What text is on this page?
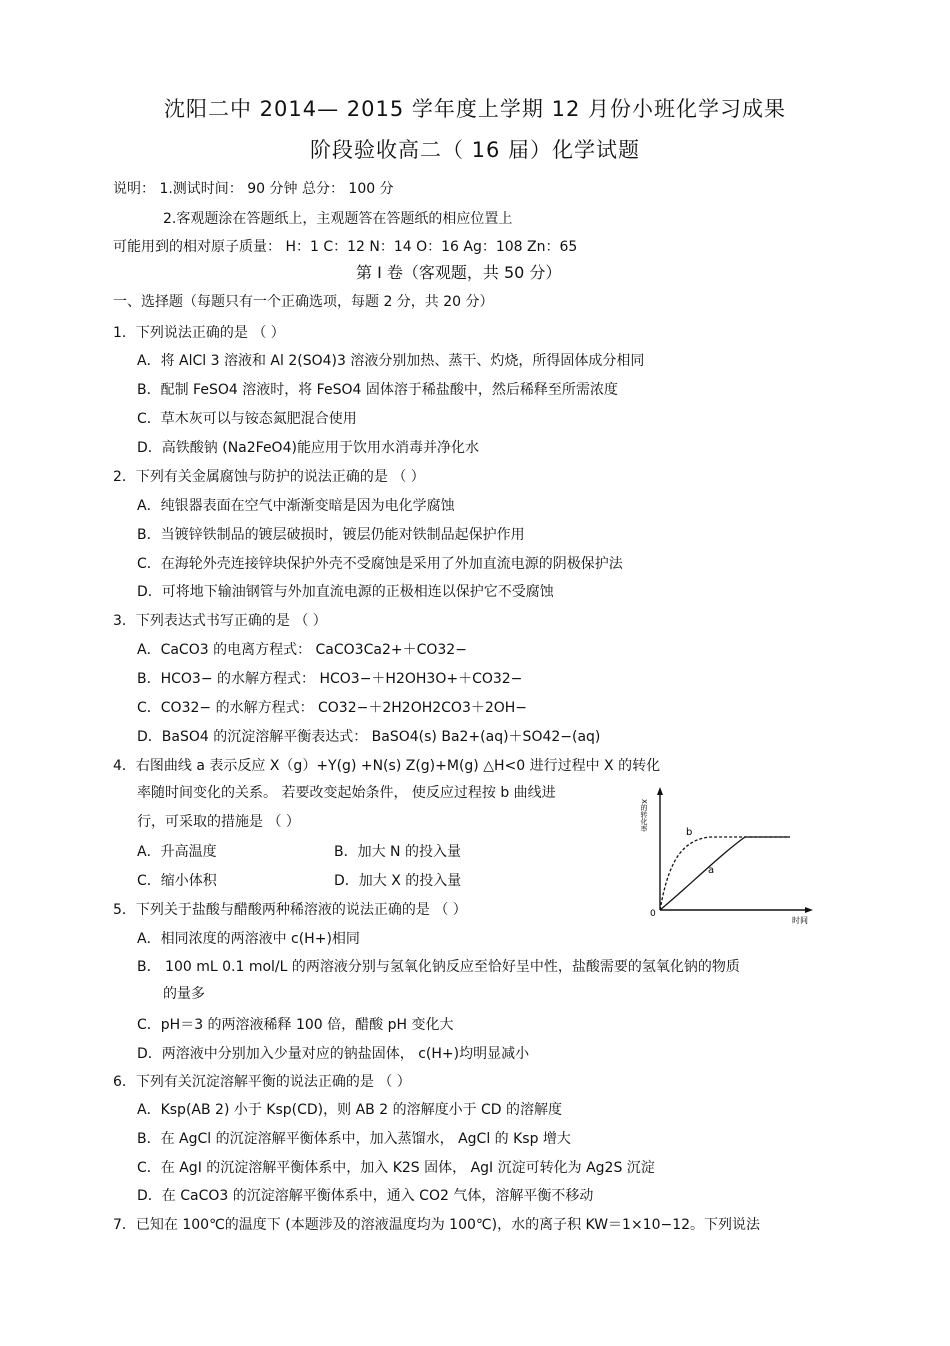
沈阳二中 2014— 2015 学年度上学期 12 月份小班化学习成果
阶段验收高二（ 16 届）化学试题
说明： 1.测试时间： 90 分钟 总分： 100 分
2.客观题涂在答题纸上，主观题答在答题纸的相应位置上
可能用到的相对原子质量： H：1 C：12 N：14 O：16 Ag：108 Zn：65
第 Ⅰ 卷（客观题，共 50 分）
一、选择题（每题只有一个正确选项，每题 2 分，共 20 分）
1．下列说法正确的是 （ ）
A．将 AlCl 3 溶液和 Al 2(SO4)3 溶液分别加热、蒸干、灼烧，所得固体成分相同
B．配制 FeSO4 溶液时，将 FeSO4 固体溶于稀盐酸中，然后稀释至所需浓度
C．草木灰可以与铵态氮肥混合使用
D．高铁酸钠 (Na2FeO4)能应用于饮用水消毒并净化水
2．下列有关金属腐蚀与防护的说法正确的是 （ ）
A．纯银器表面在空气中渐渐变暗是因为电化学腐蚀
B．当镀锌铁制品的镀层破损时，镀层仍能对铁制品起保护作用
C．在海轮外壳连接锌块保护外壳不受腐蚀是采用了外加直流电源的阴极保护法
D．可将地下输油钢管与外加直流电源的正极相连以保护它不受腐蚀
3．下列表达式书写正确的是 （ ）
A．CaCO3 的电离方程式： CaCO3Ca2+＋CO32−
B．HCO3− 的水解方程式： HCO3−＋H2OH3O+＋CO32−
C．CO32− 的水解方程式： CO32−＋2H2OH2CO3＋2OH−
D．BaSO4 的沉淀溶解平衡表达式： BaSO4(s) Ba2+(aq)＋SO42−(aq)
4．右图曲线 a 表示反应 X（g）+Y(g) +N(s) Z(g)+M(g) △H<0 进行过程中 X 的转化
率随时间变化的关系。 若要改变起始条件， 使反应过程按 b 曲线进
行，可采取的措施是 （ ）
A．升高温度	B．加大 N 的投入量
C．缩小体积	D．加大 X 的投入量
b
a
0
时间
X的转化率
5．下列关于盐酸与醋酸两种稀溶液的说法正确的是 （ ）
A．相同浓度的两溶液中 c(H+)相同
B． 100 mL 0.1 mol/L 的两溶液分别与氢氧化钠反应至恰好呈中性，盐酸需要的氢氧化钠的物质
的量多
C．pH＝3 的两溶液稀释 100 倍，醋酸 pH 变化大
D．两溶液中分别加入少量对应的钠盐固体， c(H+)均明显减小
6．下列有关沉淀溶解平衡的说法正确的是 （ ）
A．Ksp(AB 2) 小于 Ksp(CD)，则 AB 2 的溶解度小于 CD 的溶解度
B．在 AgCl 的沉淀溶解平衡体系中，加入蒸馏水， AgCl 的 Ksp 增大
C．在 AgI 的沉淀溶解平衡体系中，加入 K2S 固体， AgI 沉淀可转化为 Ag2S 沉淀
D．在 CaCO3 的沉淀溶解平衡体系中，通入 CO2 气体，溶解平衡不移动
7．已知在 100℃的温度下 (本题涉及的溶液温度均为 100℃)，水的离子积 KW＝1×10−12。下列说法
